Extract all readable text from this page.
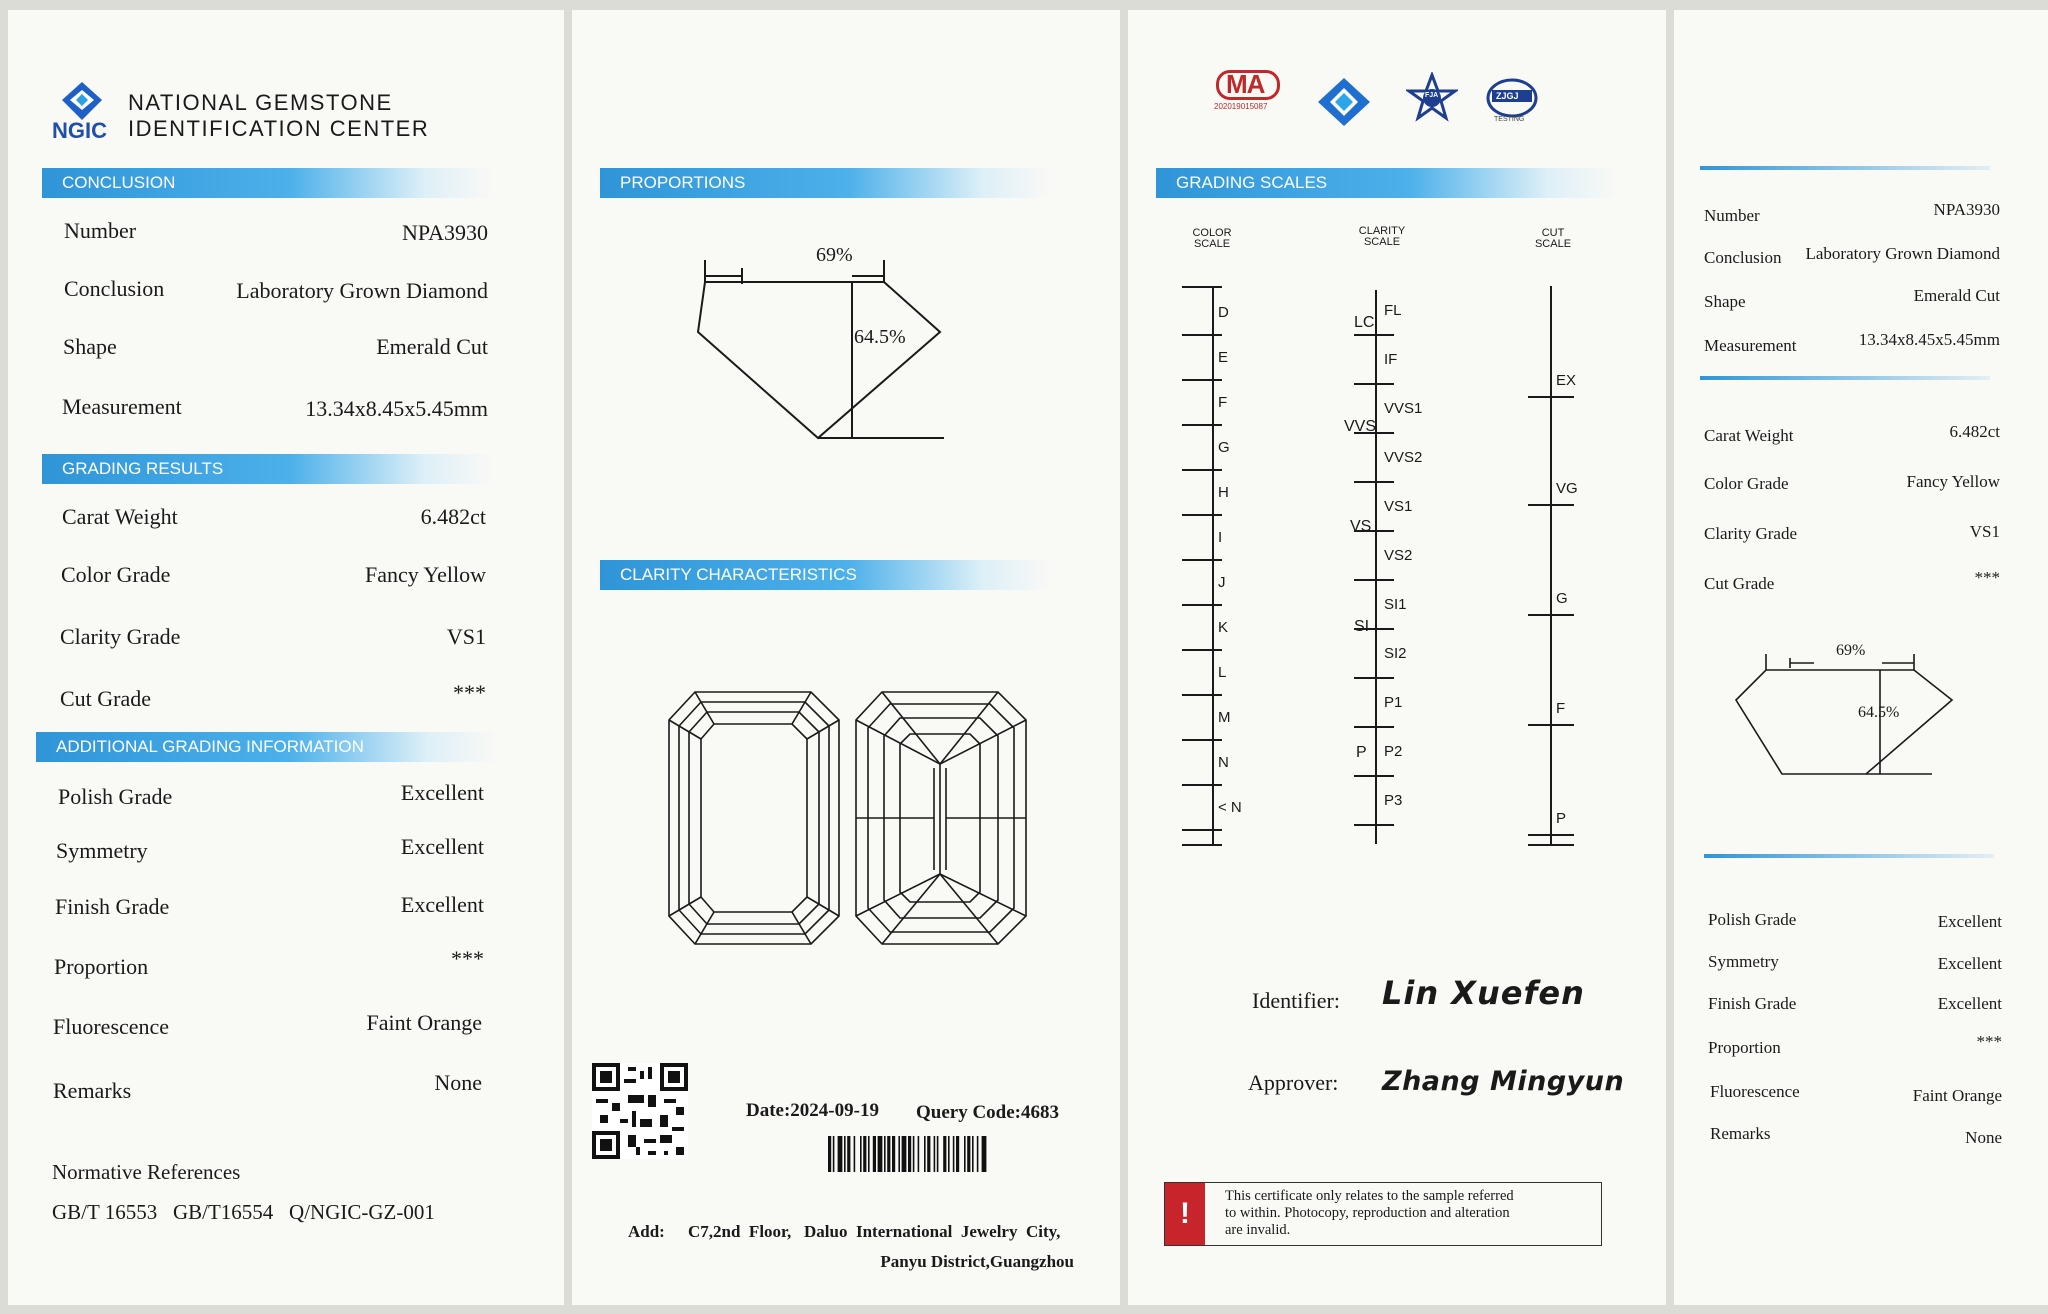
NGIC
NATIONAL GEMSTONE
IDENTIFICATION CENTER
CONCLUSION
Number	NPA3930
Conclusion	Laboratory Grown Diamond
Shape	Emerald Cut
Measurement	13.34x8.45x5.45mm
GRADING RESULTS
Carat Weight	6.482ct
Color Grade	Fancy Yellow
Clarity Grade	VS1
Cut Grade	***
ADDITIONAL GRADING INFORMATION
Polish Grade	Excellent
Symmetry	Excellent
Finish Grade	Excellent
Proportion	***
Fluorescence	Faint Orange
Remarks	None
Normative References
GB/T 16553   GB/T16554   Q/NGIC-GZ-001
PROPORTIONS
69%
64.5%
CLARITY CHARACTERISTICS
Date:2024-09-19 Query Code:4683
Add: C7,2nd  Floor,   Daluo  International  Jewelry  City,
Panyu District,Guangzhou
MA
202019015087
FJA	ZJGJ
TESTING
GRADING SCALES
COLOR
SCALE
CLARITY
SCALE
CUT
SCALE
D
E
F
G
H
I
J
K
L
M
N
< N
FL
IF
VVS1
VVS2
VS1
VS2
SI1
SI2
P1
P2
P3
LC
VVS
VS
SI
P
EX
VG
G
F
P
Identifier: Lin Xuefen
Approver: Zhang Mingyun
!
This certificate only relates to the sample referred
to within. Photocopy, reproduction and alteration
are invalid.
Number	NPA3930
Conclusion Laboratory Grown Diamond
Shape	Emerald Cut
Measurement	13.34x8.45x5.45mm
Carat Weight	6.482ct
Color Grade	Fancy Yellow
Clarity Grade	VS1
Cut Grade	***
69%
64.5%
Polish Grade	Excellent
Symmetry	Excellent
Finish Grade	Excellent
Proportion	***
Fluorescence	Faint Orange
Remarks	None
